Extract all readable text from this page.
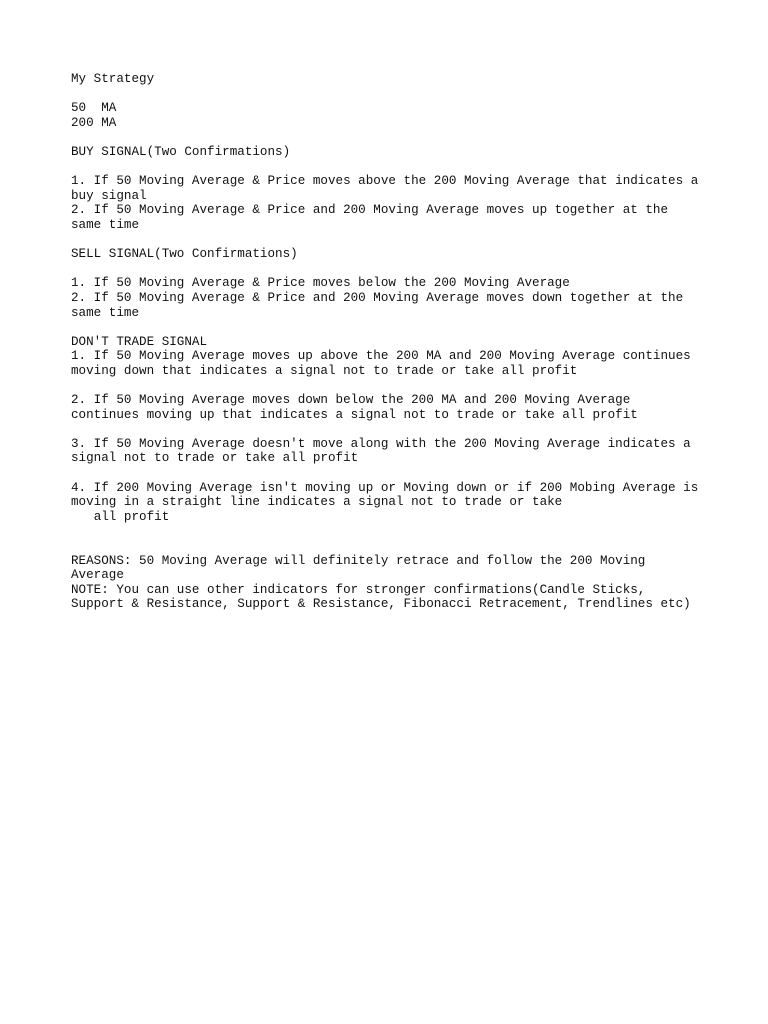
My Strategy

50  MA
200 MA

BUY SIGNAL(Two Confirmations)

1. If 50 Moving Average & Price moves above the 200 Moving Average that indicates a
buy signal
2. If 50 Moving Average & Price and 200 Moving Average moves up together at the
same time

SELL SIGNAL(Two Confirmations)

1. If 50 Moving Average & Price moves below the 200 Moving Average
2. If 50 Moving Average & Price and 200 Moving Average moves down together at the
same time

DON'T TRADE SIGNAL
1. If 50 Moving Average moves up above the 200 MA and 200 Moving Average continues
moving down that indicates a signal not to trade or take all profit

2. If 50 Moving Average moves down below the 200 MA and 200 Moving Average
continues moving up that indicates a signal not to trade or take all profit

3. If 50 Moving Average doesn't move along with the 200 Moving Average indicates a
signal not to trade or take all profit

4. If 200 Moving Average isn't moving up or Moving down or if 200 Mobing Average is
moving in a straight line indicates a signal not to trade or take
all profit

REASONS: 50 Moving Average will definitely retrace and follow the 200 Moving
Average
NOTE: You can use other indicators for stronger confirmations(Candle Sticks,
Support & Resistance, Support & Resistance, Fibonacci Retracement, Trendlines etc)
